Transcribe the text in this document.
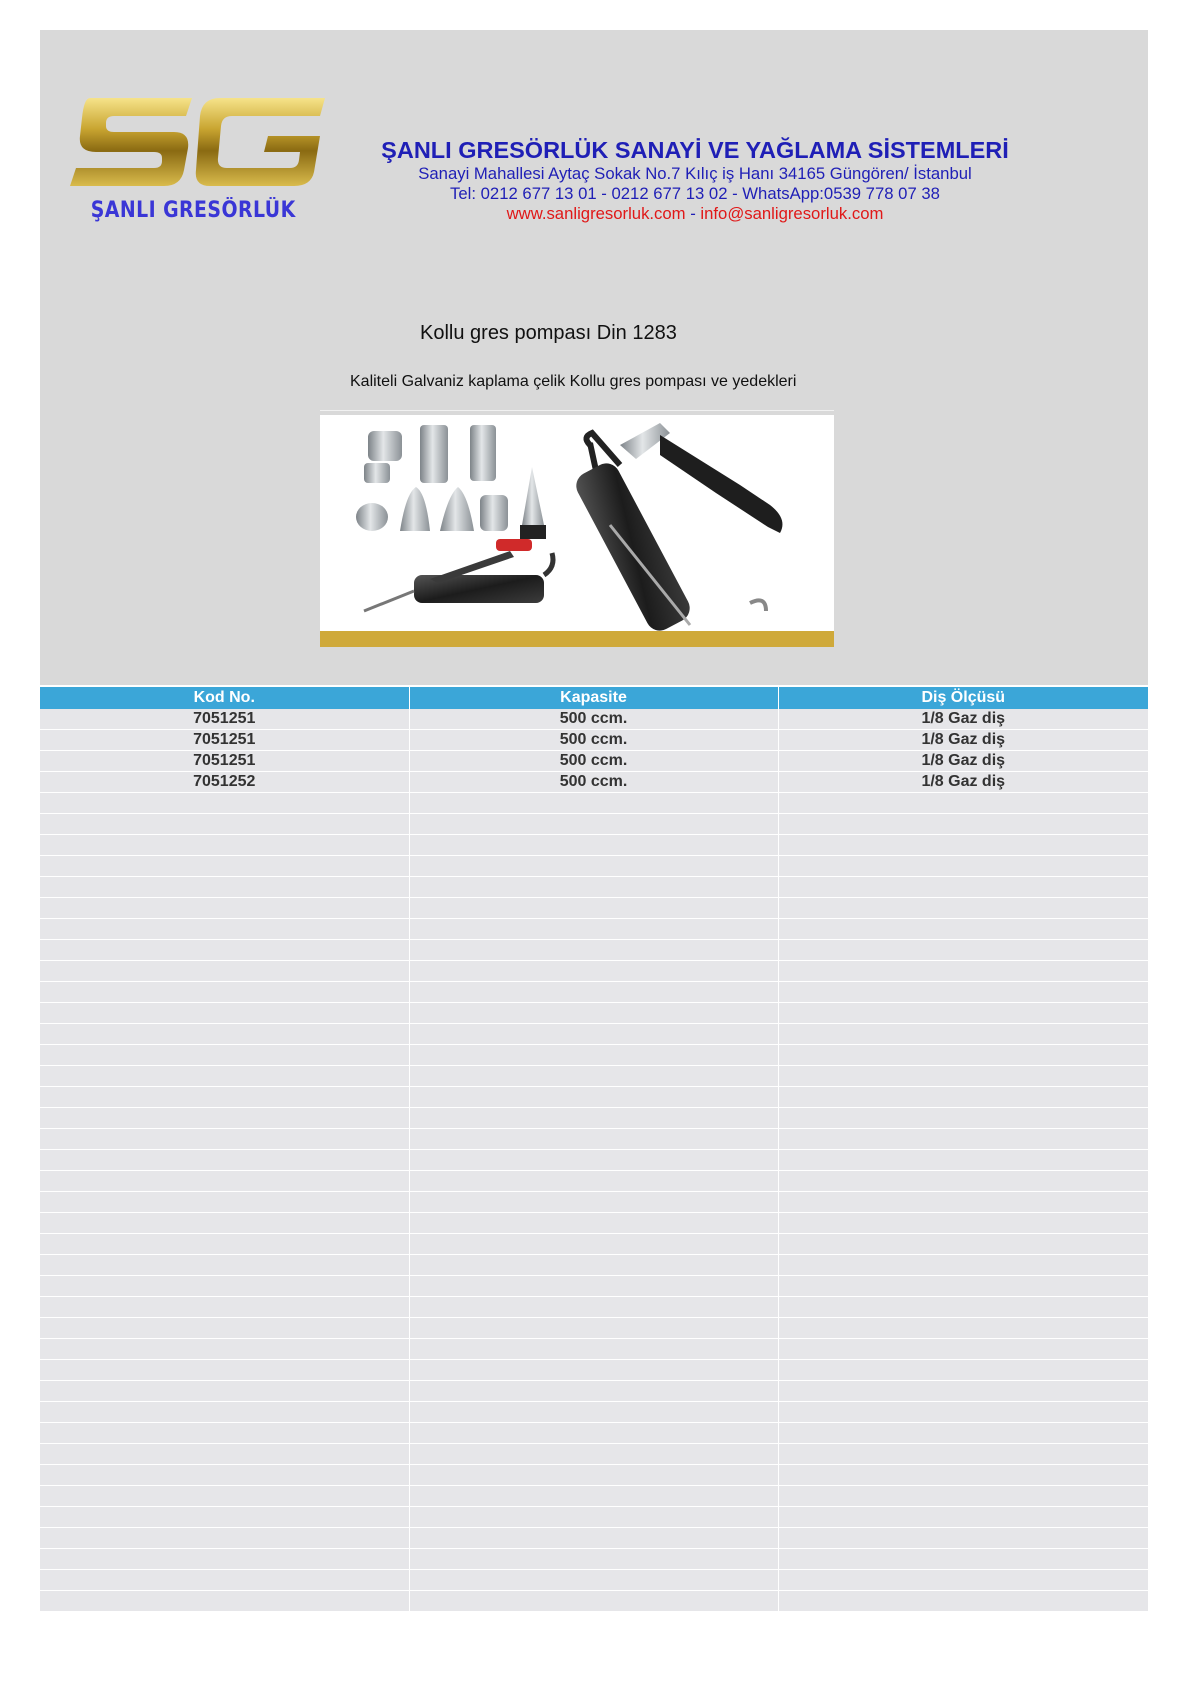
SG
ŞANLI GRESÖRLÜK
ŞANLI GRESÖRLÜK SANAYİ VE YAĞLAMA SİSTEMLERİ
Sanayi Mahallesi Aytaç Sokak No.7 Kılıç iş Hanı 34165 Güngören/ İstanbul
Tel: 0212 677 13 01 - 0212 677 13 02 - WhatsApp:0539 778 07 38
www.sanligresorluk.com - info@sanligresorluk.com
Kollu gres pompası Din 1283
Kaliteli Galvaniz kaplama çelik Kollu gres pompası ve yedekleri
Kod No.	Kapasite	Diş Ölçüsü
7051251	500 ccm.	1/8 Gaz diş
7051251	500 ccm.	1/8 Gaz diş
7051251	500 ccm.	1/8 Gaz diş
7051252	500 ccm.	1/8 Gaz diş
